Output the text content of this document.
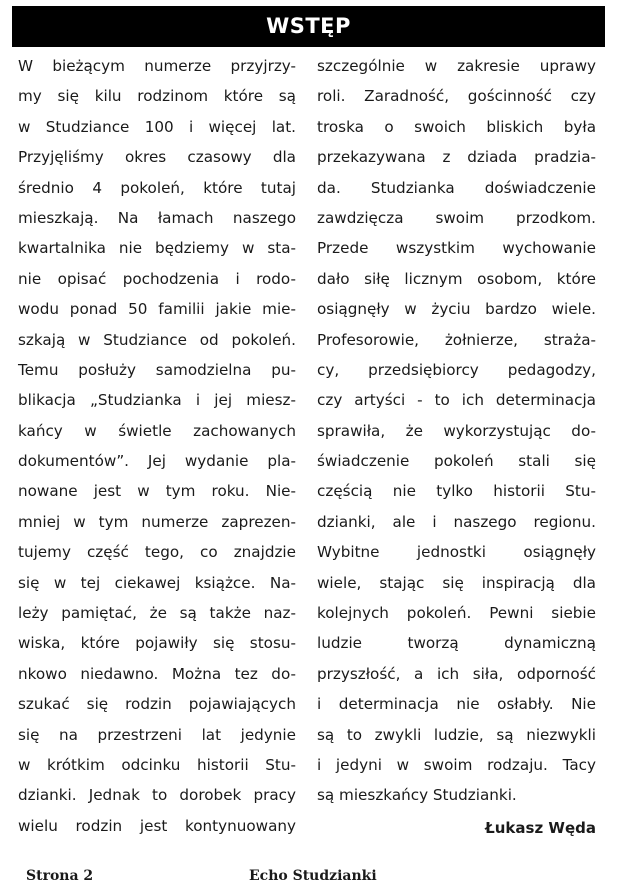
WSTĘP
W bieżącym numerze przyjrzy-
my się kilu rodzinom które są
w Studziance 100 i więcej lat.
Przyjęliśmy okres czasowy dla
średnio 4 pokoleń, które tutaj
mieszkają. Na łamach naszego
kwartalnika nie będziemy w sta-
nie opisać pochodzenia i rodo-
wodu ponad 50 familii jakie mie-
szkają w Studziance od pokoleń.
Temu posłuży samodzielna pu-
blikacja „Studzianka i jej miesz-
kańcy w świetle zachowanych
dokumentów”. Jej wydanie pla-
nowane jest w tym roku. Nie-
mniej w tym numerze zaprezen-
tujemy część tego, co znajdzie
się w tej ciekawej książce. Na-
leży pamiętać, że są także naz-
wiska, które pojawiły się stosu-
nkowo niedawno. Można tez do-
szukać się rodzin pojawiających
się na przestrzeni lat jedynie
w krótkim odcinku historii Stu-
dzianki. Jednak to dorobek pracy
wielu rodzin jest kontynuowany
szczególnie w zakresie uprawy
roli. Zaradność, gościnność czy
troska o swoich bliskich była
przekazywana z dziada pradzia-
da. Studzianka doświadczenie
zawdzięcza swoim przodkom.
Przede wszystkim wychowanie
dało siłę licznym osobom, które
osiągnęły w życiu bardzo wiele.
Profesorowie, żołnierze, straża-
cy, przedsiębiorcy pedagodzy,
czy artyści - to ich determinacja
sprawiła, że wykorzystując do-
świadczenie pokoleń stali się
częścią nie tylko historii Stu-
dzianki, ale i naszego regionu.
Wybitne jednostki osiągnęły
wiele, stając się inspiracją dla
kolejnych pokoleń. Pewni siebie
ludzie tworzą dynamiczną
przyszłość, a ich siła, odporność
i determinacja nie osłabły. Nie
są to zwykli ludzie, są niezwykli
i jedyni w swoim rodzaju. Tacy
są mieszkańcy Studzianki.
Łukasz Węda
Strona 2	Echo Studzianki
